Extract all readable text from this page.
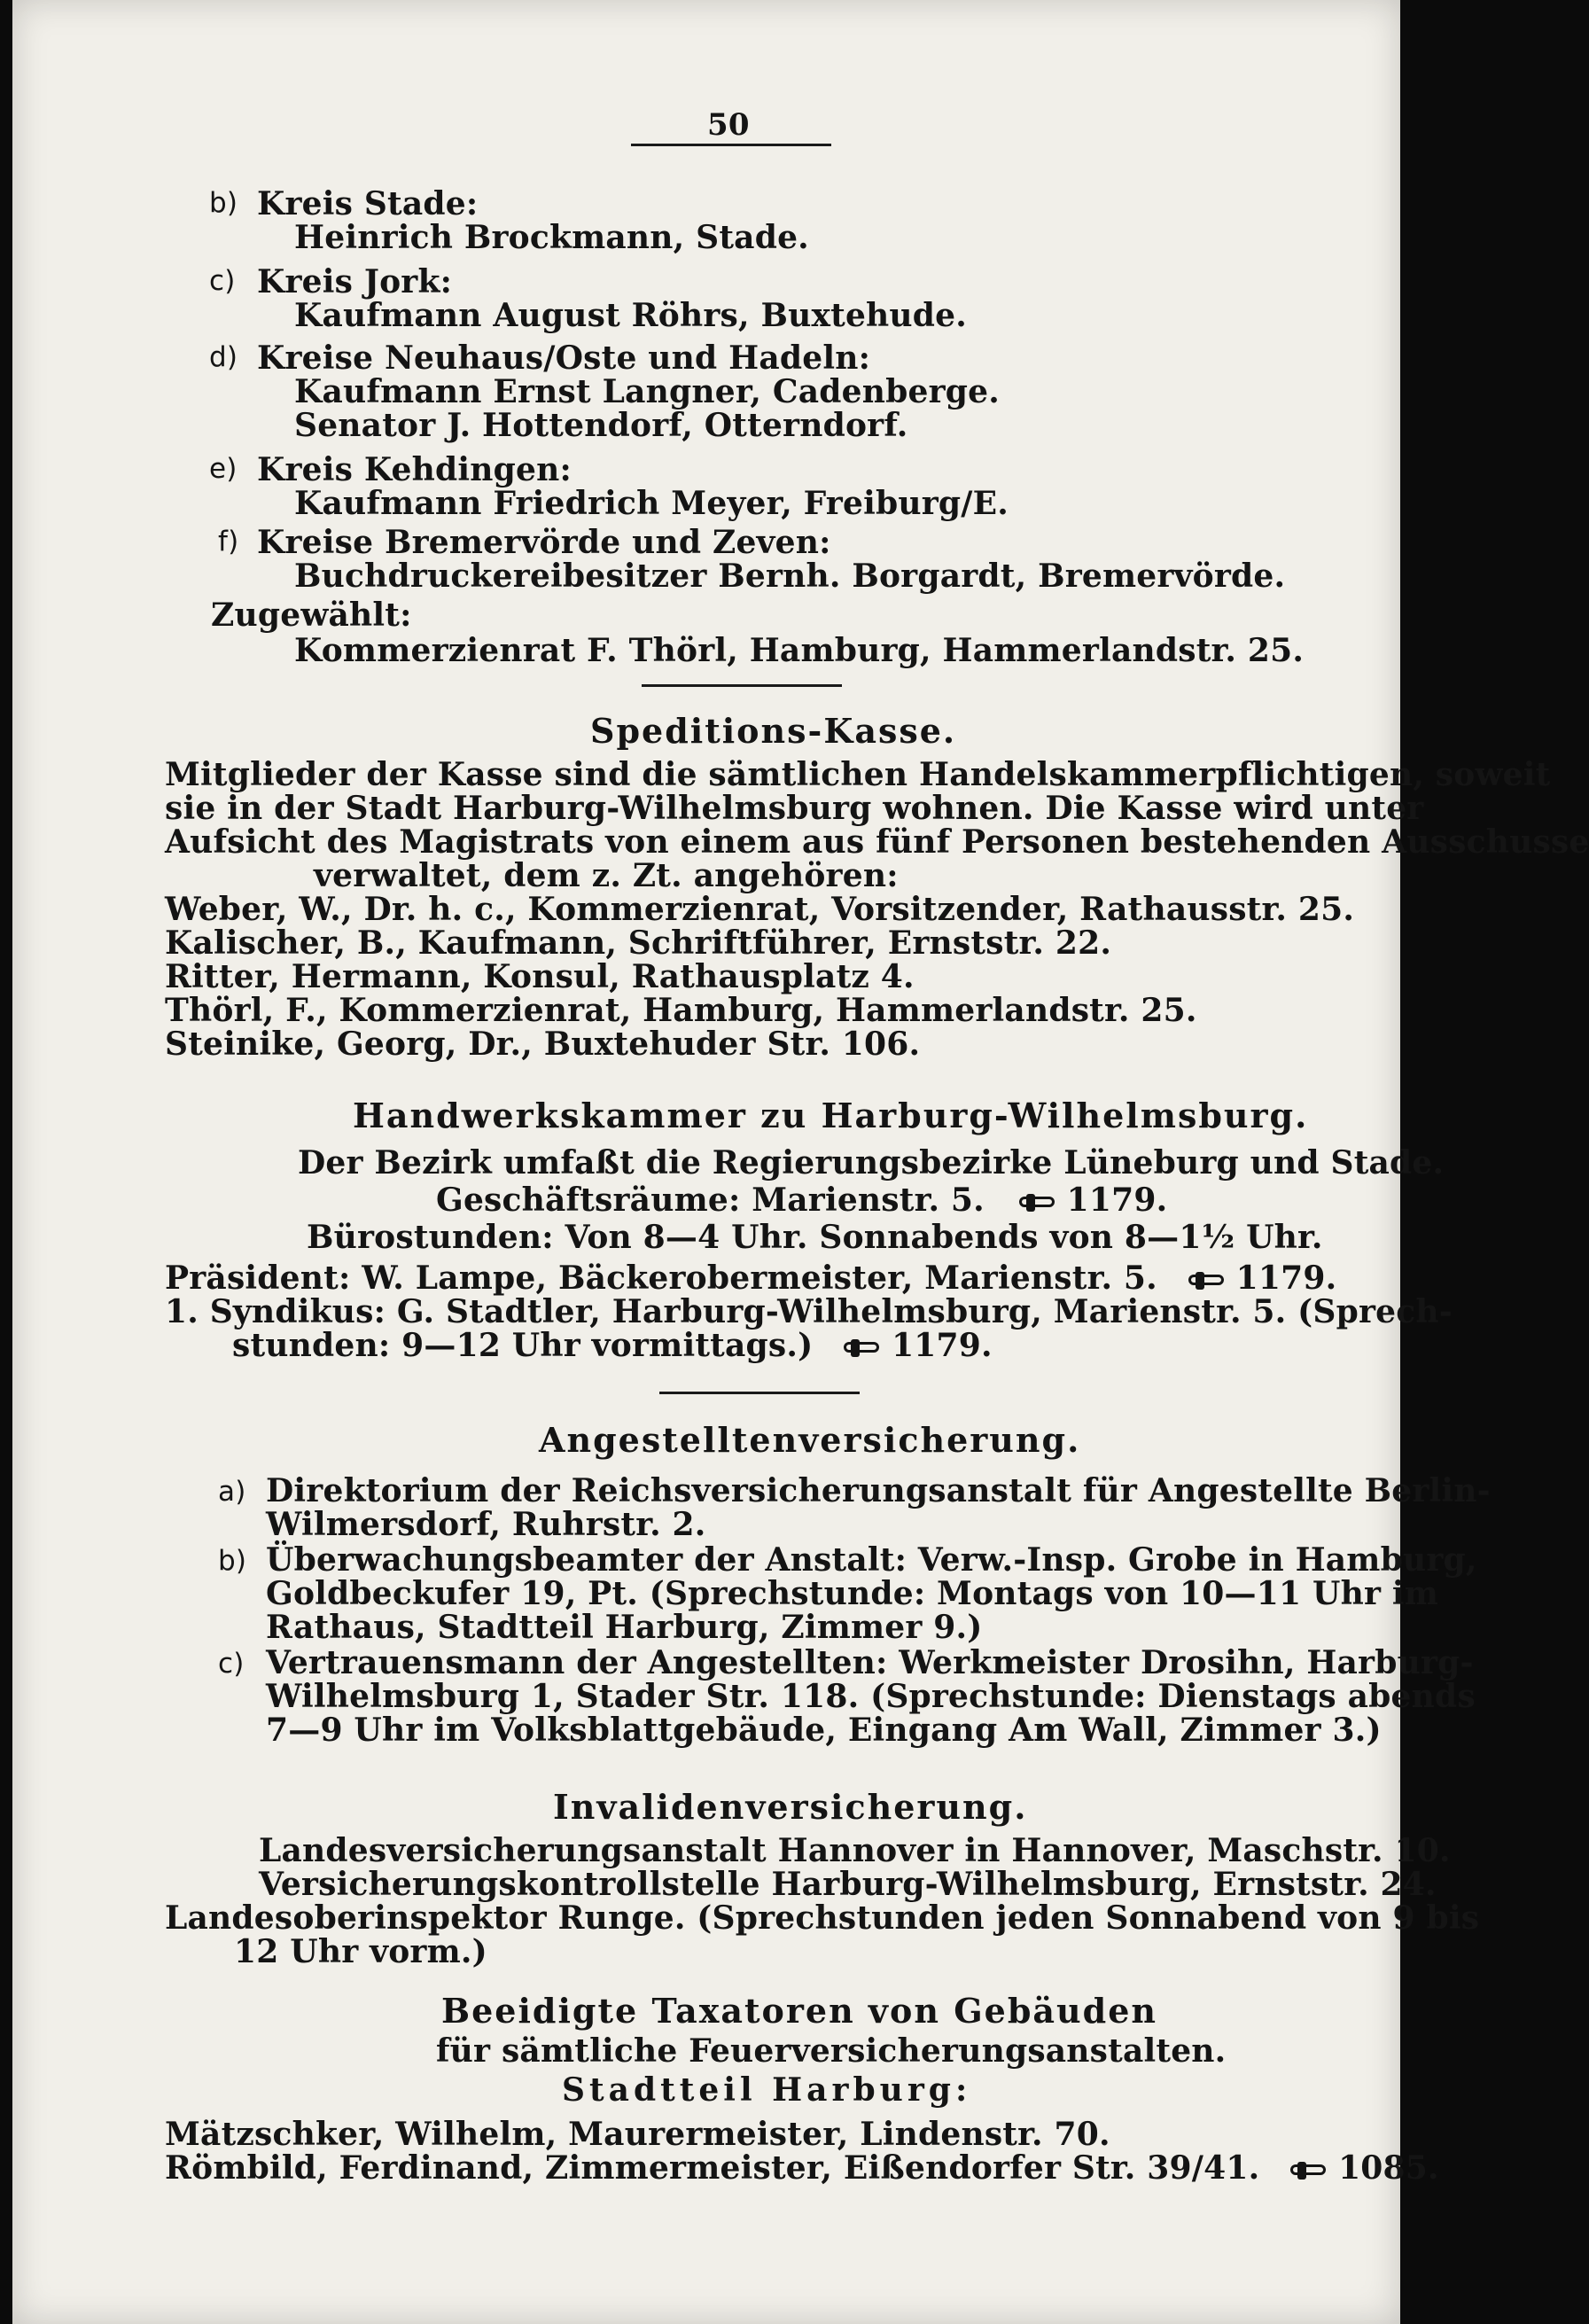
50
b) Kreis Stade:
Heinrich Brockmann, Stade.
c) Kreis Jork:
Kaufmann August Röhrs, Buxtehude.
d) Kreise Neuhaus/Oste und Hadeln:
Kaufmann Ernst Langner, Cadenberge.
Senator J. Hottendorf, Otterndorf.
e) Kreis Kehdingen:
Kaufmann Friedrich Meyer, Freiburg/E.
f) Kreise Bremervörde und Zeven:
Buchdruckereibesitzer Bernh. Borgardt, Bremervörde.
Zugewählt:
Kommerzienrat F. Thörl, Hamburg, Hammerlandstr. 25.
Speditions-Kasse.
Mitglieder der Kasse sind die sämtlichen Handelskammerpflichtigen, soweit
sie in der Stadt Harburg-Wilhelmsburg wohnen. Die Kasse wird unter
Aufsicht des Magistrats von einem aus fünf Personen bestehenden Ausschusse
verwaltet, dem z. Zt. angehören:
Weber, W., Dr. h. c., Kommerzienrat, Vorsitzender, Rathausstr. 25.
Kalischer, B., Kaufmann, Schriftführer, Ernststr. 22.
Ritter, Hermann, Konsul, Rathausplatz 4.
Thörl, F., Kommerzienrat, Hamburg, Hammerlandstr. 25.
Steinike, Georg, Dr., Buxtehuder Str. 106.
Handwerkskammer zu Harburg-Wilhelmsburg.
Der Bezirk umfaßt die Regierungsbezirke Lüneburg und Stade.
Geschäftsräume: Marienstr. 5.	1179.
Bürostunden: Von 8—4 Uhr. Sonnabends von 8—1½ Uhr.
Präsident: W. Lampe, Bäckerobermeister, Marienstr. 5. 1179.
1. Syndikus: G. Stadtler, Harburg-Wilhelmsburg, Marienstr. 5. (Sprech-
stunden: 9—12 Uhr vormittags.) 1179.
Angestelltenversicherung.
a) Direktorium der Reichsversicherungsanstalt für Angestellte Berlin-
Wilmersdorf, Ruhrstr. 2.
b) Überwachungsbeamter der Anstalt: Verw.-Insp. Grobe in Hamburg,
Goldbeckufer 19, Pt. (Sprechstunde: Montags von 10—11 Uhr im
Rathaus, Stadtteil Harburg, Zimmer 9.)
c) Vertrauensmann der Angestellten: Werkmeister Drosihn, Harburg-
Wilhelmsburg 1, Stader Str. 118. (Sprechstunde: Dienstags abends
7—9 Uhr im Volksblattgebäude, Eingang Am Wall, Zimmer 3.)
Invalidenversicherung.
Landesversicherungsanstalt Hannover in Hannover, Maschstr. 10.
Versicherungskontrollstelle Harburg-Wilhelmsburg, Ernststr. 24.
Landesoberinspektor Runge. (Sprechstunden jeden Sonnabend von 9 bis
12 Uhr vorm.)
Beeidigte Taxatoren von Gebäuden
für sämtliche Feuerversicherungsanstalten.
Stadtteil Harburg:
Mätzschker, Wilhelm, Maurermeister, Lindenstr. 70.
Römbild, Ferdinand, Zimmermeister, Eißendorfer Str. 39/41. 1085.
